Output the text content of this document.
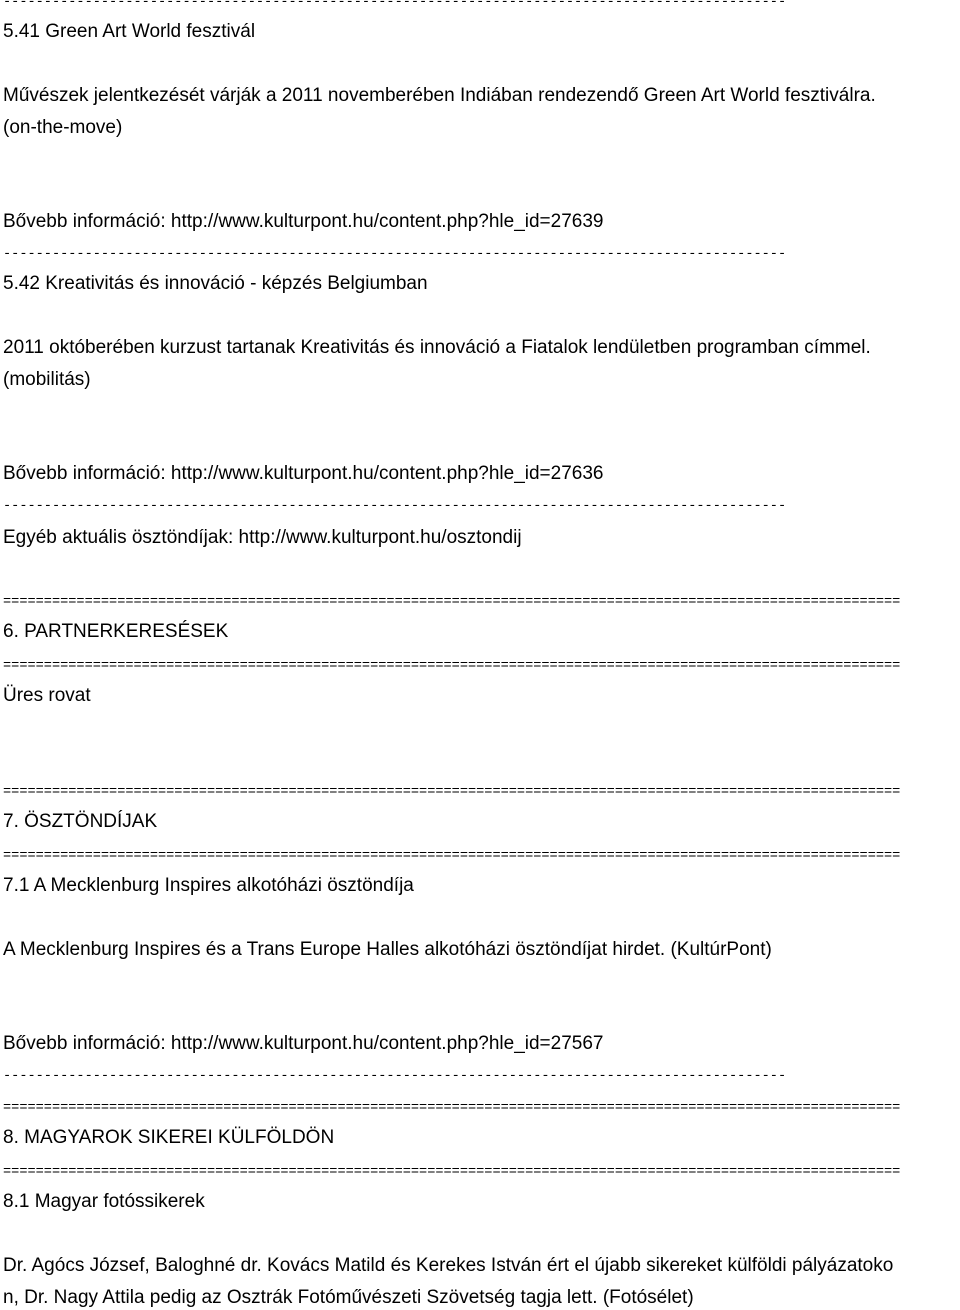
------------------------------------------------------------------------------------------------
5.41 Green Art World fesztivál
Művészek jelentkezését várják a 2011 novemberében Indiában rendezendő Green Art World fesztiválra.
(on-the-move)
Bővebb információ: http://www.kulturpont.hu/content.php?hle_id=27639
------------------------------------------------------------------------------------------------
5.42 Kreativitás és innováció - képzés Belgiumban
2011 októberében kurzust tartanak Kreativitás és innováció a Fiatalok lendületben programban címmel.
(mobilitás)
Bővebb információ: http://www.kulturpont.hu/content.php?hle_id=27636
------------------------------------------------------------------------------------------------
Egyéb aktuális ösztöndíjak: http://www.kulturpont.hu/osztondij
==============================================================================================================
6. PARTNERKERESÉSEK
==============================================================================================================
Üres rovat
==============================================================================================================
7. ÖSZTÖNDÍJAK
==============================================================================================================
7.1 A Mecklenburg Inspires alkotóházi ösztöndíja
A Mecklenburg Inspires és a Trans Europe Halles alkotóházi ösztöndíjat hirdet. (KultúrPont)
Bővebb információ: http://www.kulturpont.hu/content.php?hle_id=27567
------------------------------------------------------------------------------------------------
==============================================================================================================
8. MAGYAROK SIKEREI KÜLFÖLDÖN
==============================================================================================================
8.1 Magyar fotóssikerek
Dr. Agócs József, Baloghné dr. Kovács Matild és Kerekes István ért el újabb sikereket külföldi pályázatoko
n, Dr. Nagy Attila pedig az Osztrák Fotóművészeti Szövetség tagja lett. (Fotósélet)
